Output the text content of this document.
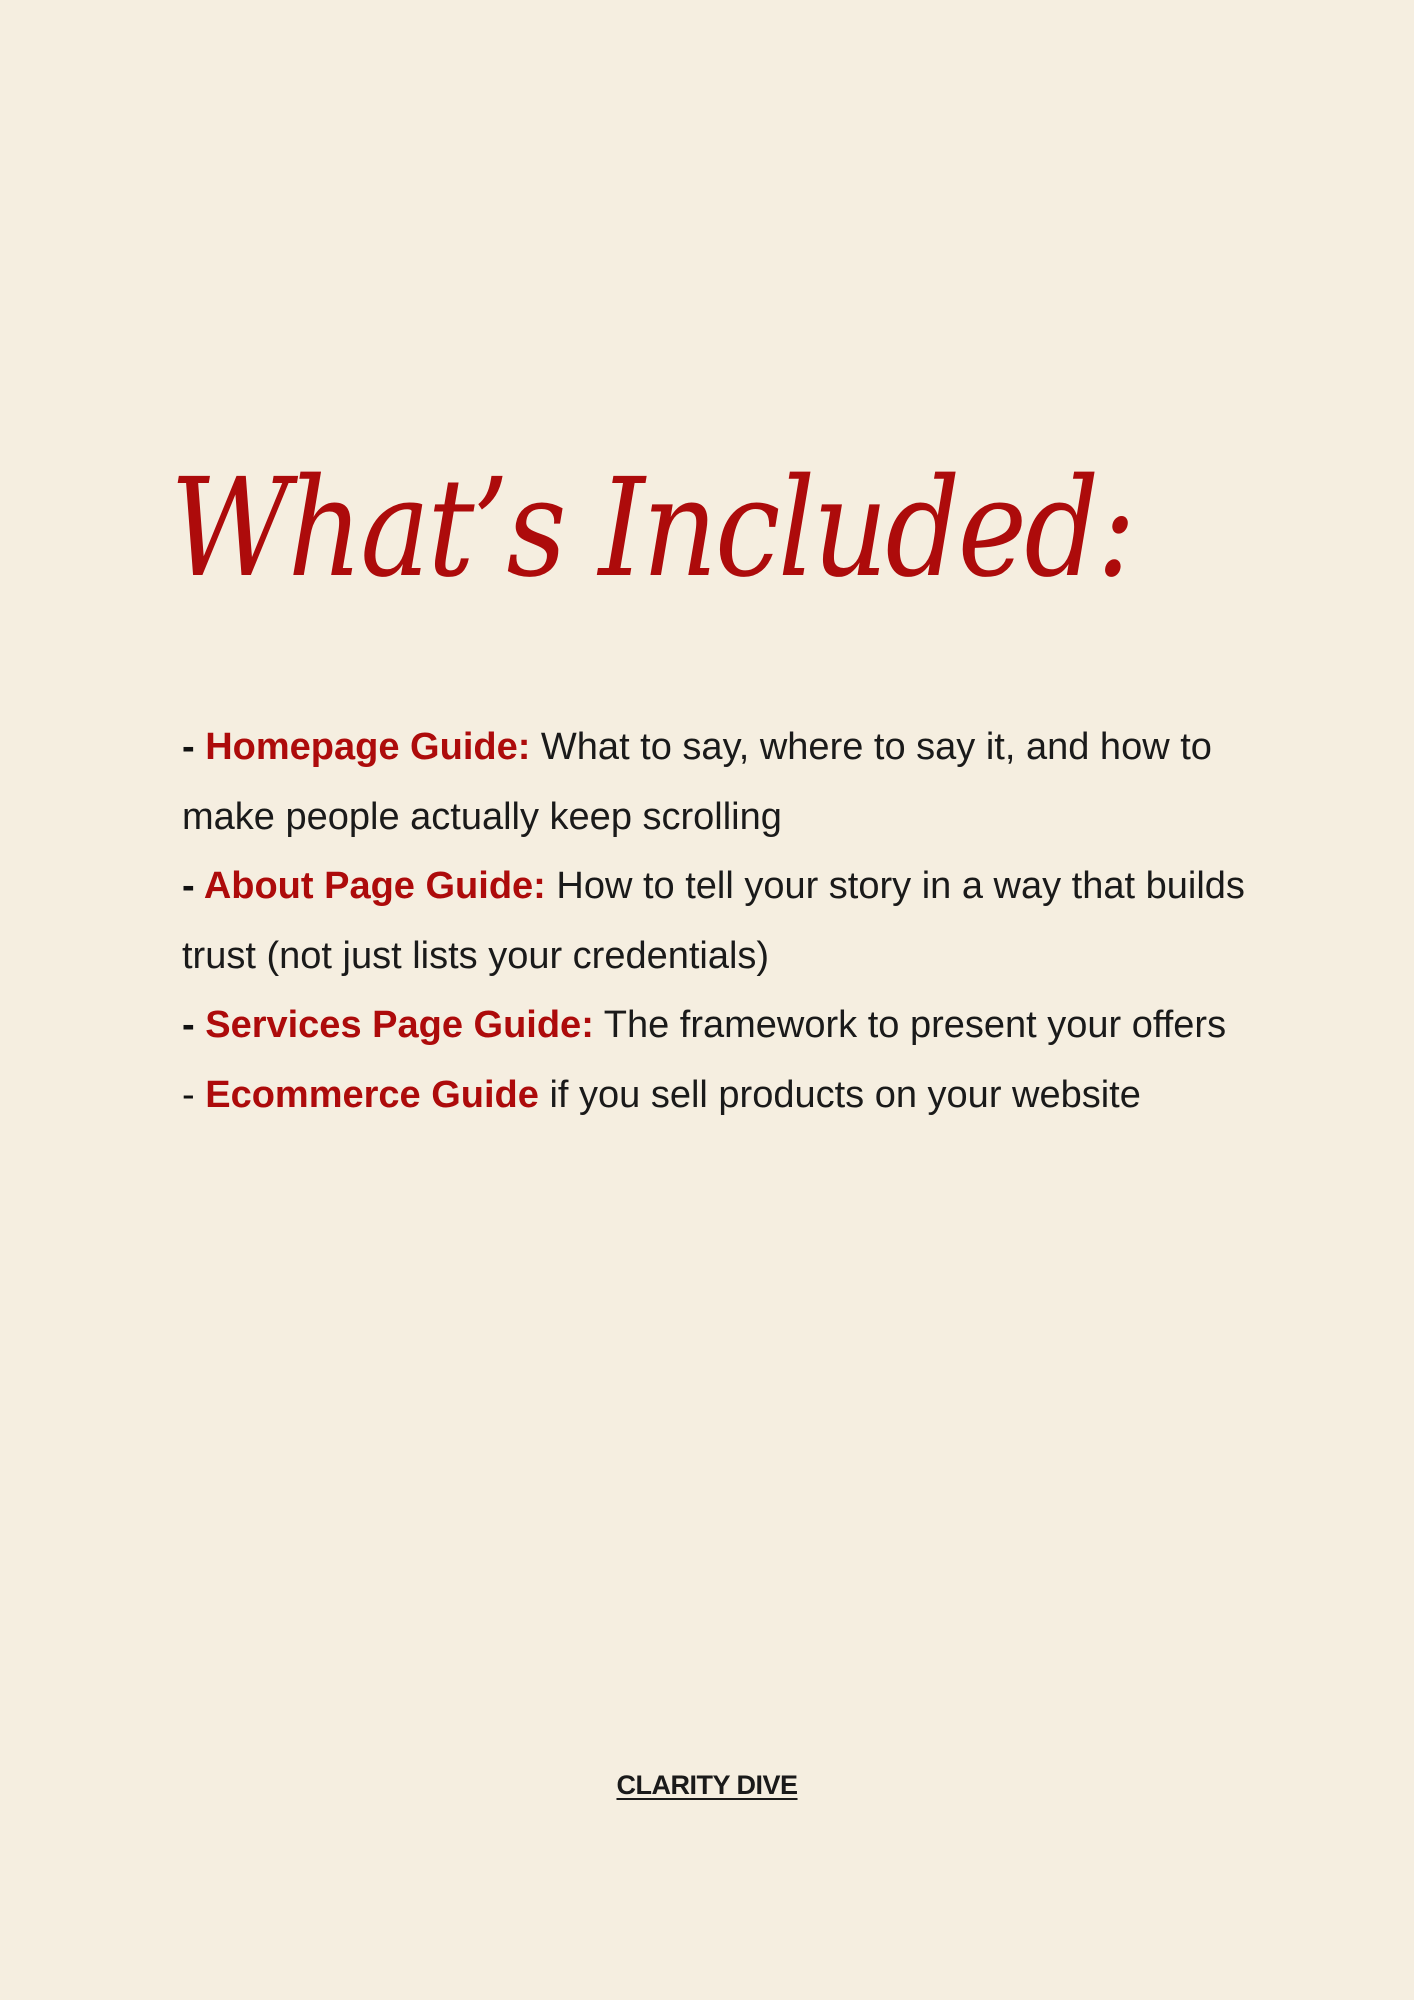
What’s Included:

- Homepage Guide: What to say, where to say it, and how to make people actually keep scrolling

- About Page Guide: How to tell your story in a way that builds trust (not just lists your credentials)

- Services Page Guide: The framework to present your offers

- Ecommerce Guide if you sell products on your website

CLARITY DIVE
